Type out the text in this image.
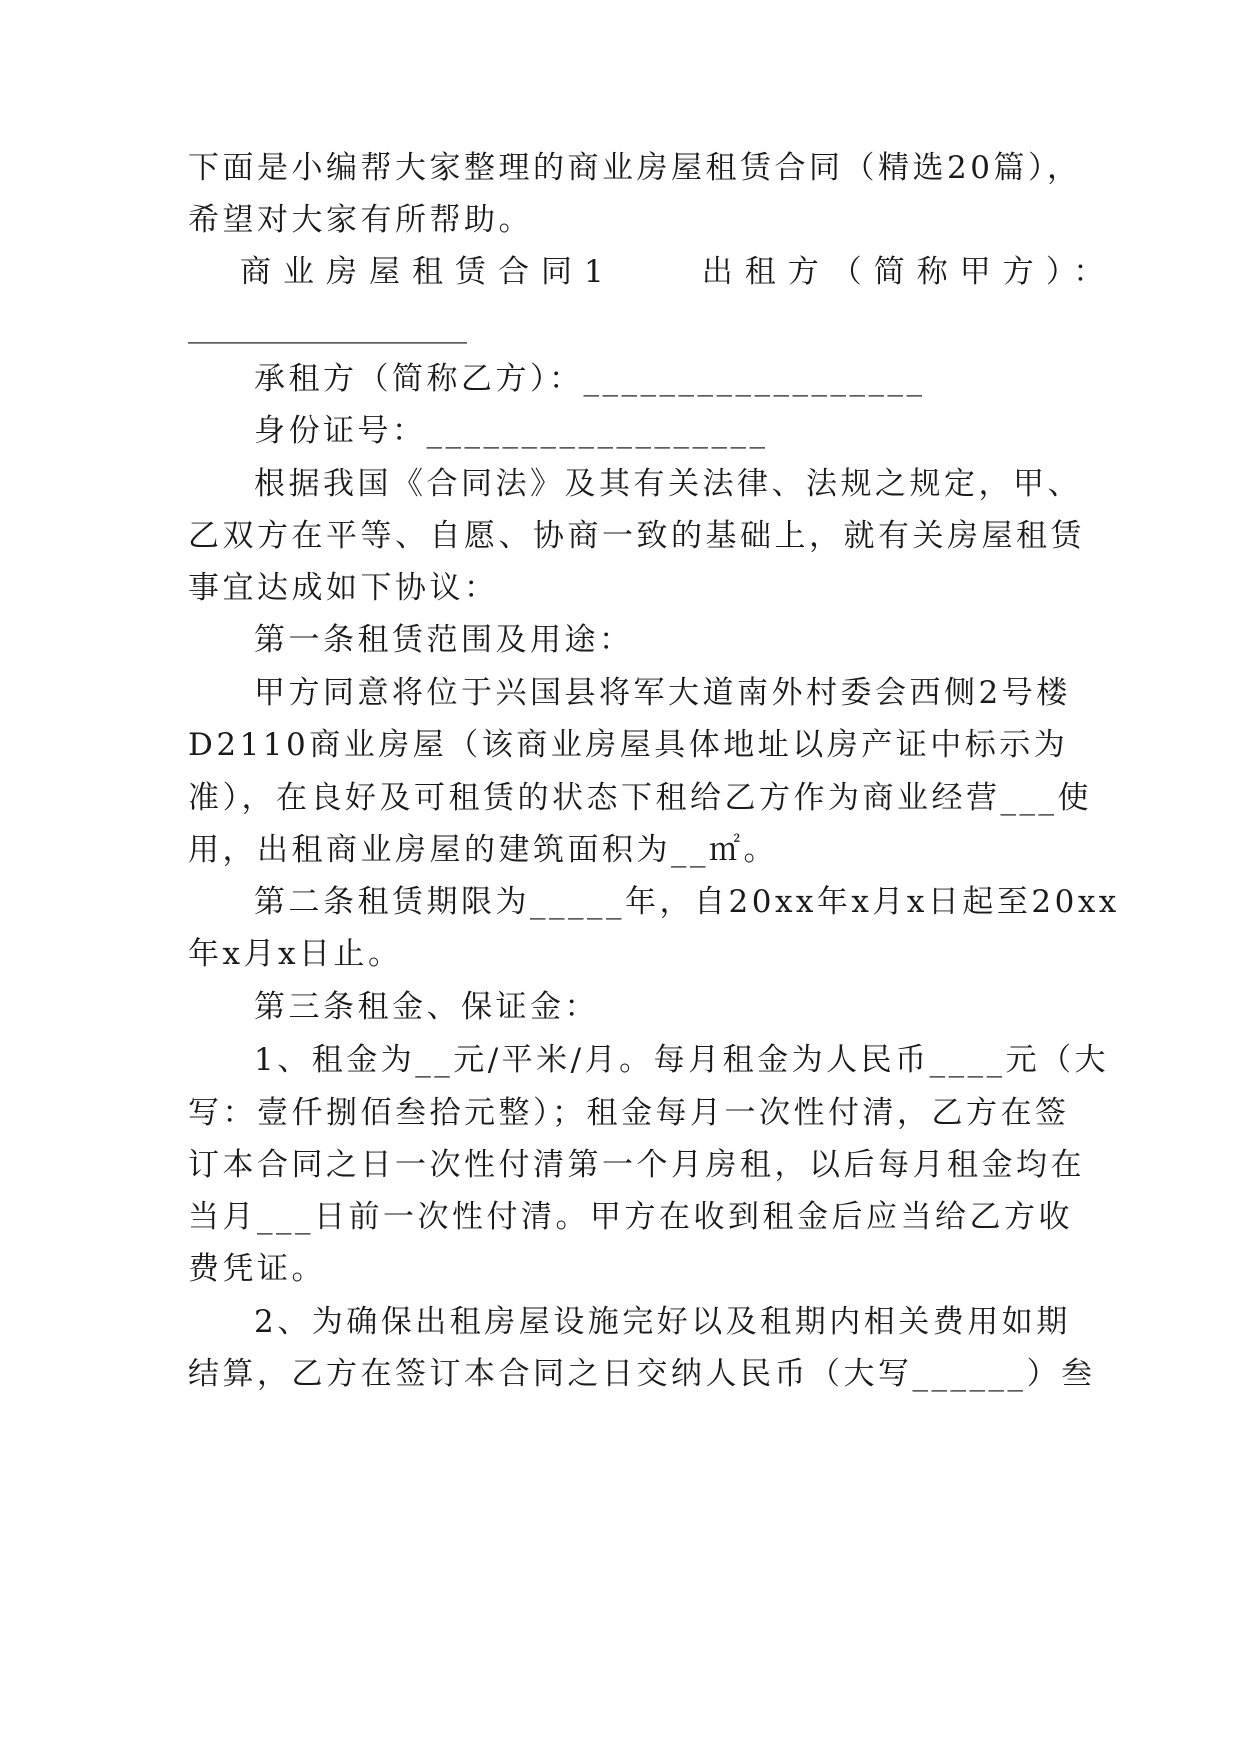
下面是小编帮大家整理的商业房屋租赁合同（精选20篇），
希望对大家有所帮助。
商业房屋租赁合同1　　出租方（简称甲方）：
__________________
承租方（简称乙方）：__________________
身份证号：__________________
根据我国《合同法》及其有关法律、法规之规定，甲、
乙双方在平等、自愿、协商一致的基础上，就有关房屋租赁
事宜达成如下协议：
第一条租赁范围及用途：
甲方同意将位于兴国县将军大道南外村委会西侧2号楼
D2110商业房屋（该商业房屋具体地址以房产证中标示为
准），在良好及可租赁的状态下租给乙方作为商业经营___使
用，出租商业房屋的建筑面积为__㎡。
第二条租赁期限为_____年，自20xx年x月x日起至20xx
年x月x日止。
第三条租金、保证金：
1、租金为__元/平米/月。每月租金为人民币____元（大
写：壹仟捌佰叁拾元整）；租金每月一次性付清，乙方在签
订本合同之日一次性付清第一个月房租，以后每月租金均在
当月___日前一次性付清。甲方在收到租金后应当给乙方收
费凭证。
2、为确保出租房屋设施完好以及租期内相关费用如期
结算，乙方在签订本合同之日交纳人民币（大写______）叁
